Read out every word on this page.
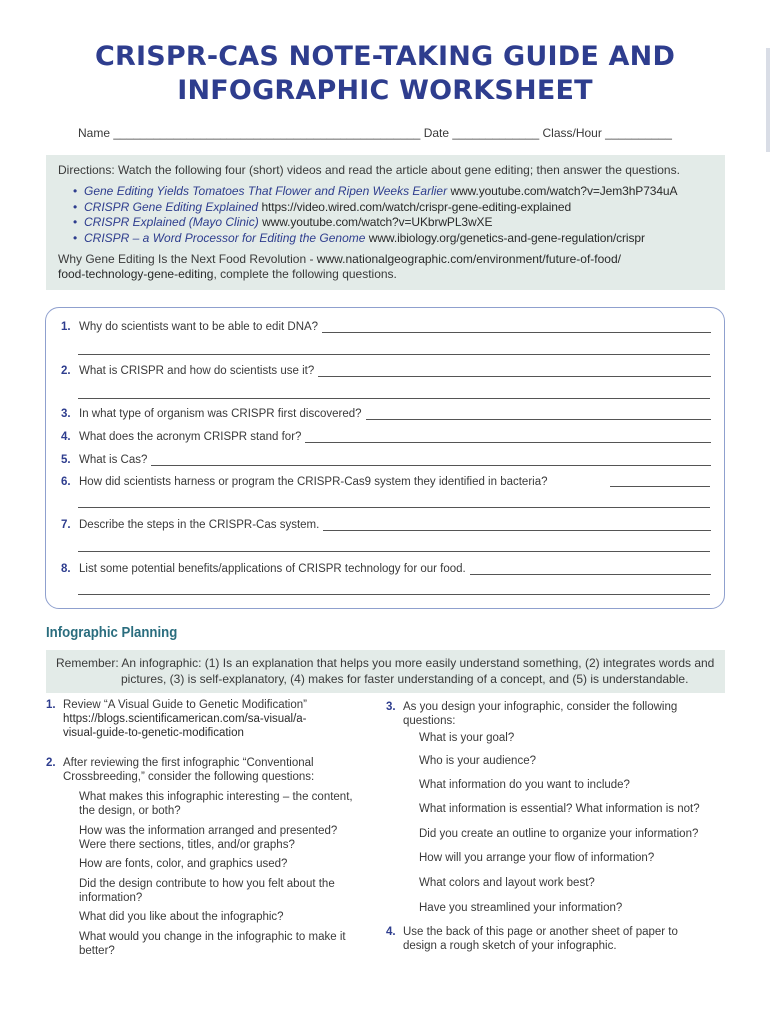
CRISPR-CAS NOTE-TAKING GUIDE AND
INFOGRAPHIC WORKSHEET
Name ______________________________________________ Date _____________ Class/Hour __________

Directions: Watch the following four (short) videos and read the article about gene editing; then answer the questions.

• Gene Editing Yields Tomatoes That Flower and Ripen Weeks Earlier www.youtube.com/watch?v=Jem3hP734uA
• CRISPR Gene Editing Explained https://video.wired.com/watch/crispr-gene-editing-explained
• CRISPR Explained (Mayo Clinic) www.youtube.com/watch?v=UKbrwPL3wXE
• CRISPR – a Word Processor for Editing the Genome www.ibiology.org/genetics-and-gene-regulation/crispr

Why Gene Editing Is the Next Food Revolution - www.nationalgeographic.com/environment/future-of-food/
food-technology-gene-editing, complete the following questions.

1. Why do scientists want to be able to edit DNA?
2. What is CRISPR and how do scientists use it?
3. In what type of organism was CRISPR first discovered?
4. What does the acronym CRISPR stand for?
5. What is Cas?
6. How did scientists harness or program the CRISPR-Cas9 system they identified in bacteria?
7. Describe the steps in the CRISPR-Cas system.
8. List some potential benefits/applications of CRISPR technology for our food.
Infographic Planning
Remember: An infographic: (1) Is an explanation that helps you more easily understand something, (2) integrates words and
pictures, (3) is self-explanatory, (4) makes for faster understanding of a concept, and (5) is understandable.
1. Review “A Visual Guide to Genetic Modification”
https://blogs.scientificamerican.com/sa-visual/a-
visual-guide-to-genetic-modification
2. After reviewing the first infographic “Conventional
Crossbreeding,” consider the following questions:
What makes this infographic interesting – the content,
the design, or both?
How was the information arranged and presented?
Were there sections, titles, and/or graphs?
How are fonts, color, and graphics used?
Did the design contribute to how you felt about the
information?
What did you like about the infographic?
What would you change in the infographic to make it
better?
3. As you design your infographic, consider the following
questions:
What is your goal?
Who is your audience?
What information do you want to include?
What information is essential? What information is not?
Did you create an outline to organize your information?
How will you arrange your flow of information?
What colors and layout work best?
Have you streamlined your information?
4. Use the back of this page or another sheet of paper to
design a rough sketch of your infographic.
